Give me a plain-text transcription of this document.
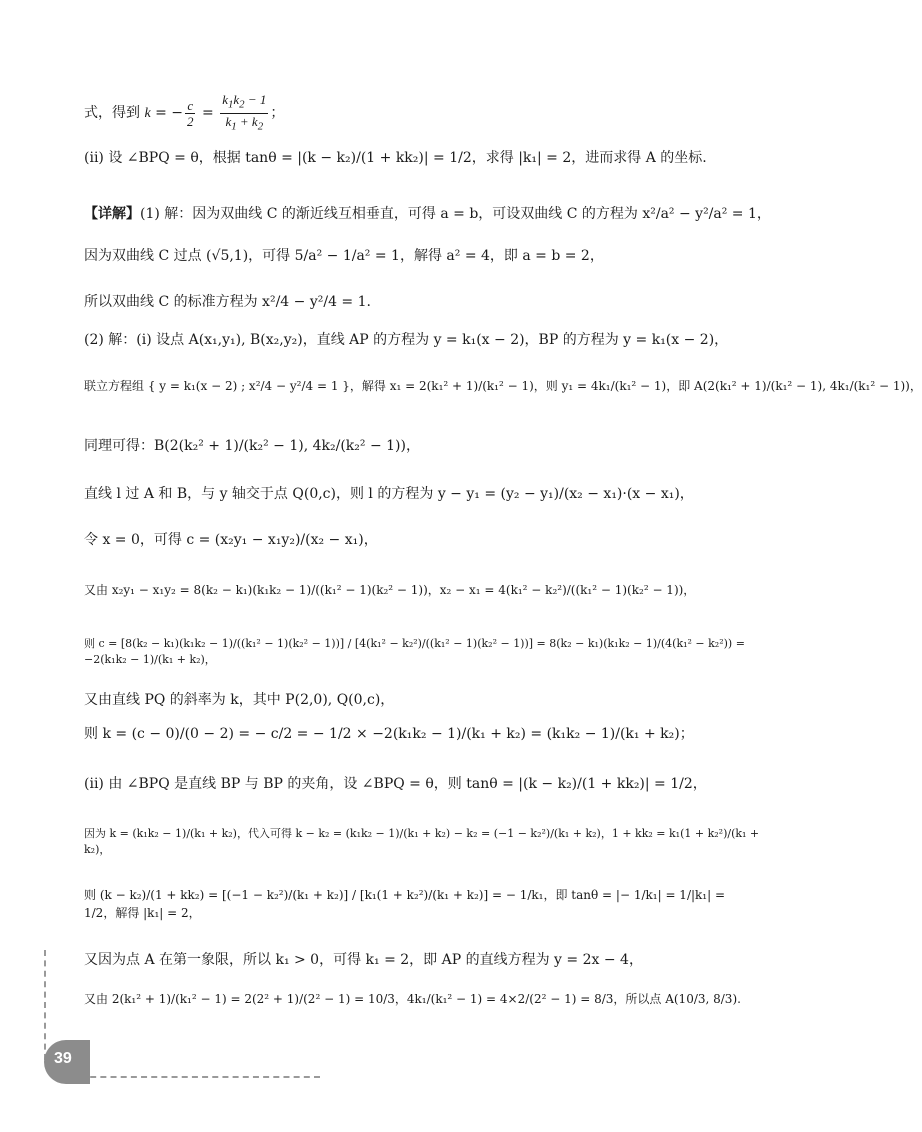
式，得到 k = − $\frac{c}{2} = \frac{k_1k_2 - 1}{k_1 + k_2}$ ；
(ii) 设 ∠BPQ = θ，根据 tanθ = |(k − k₂)/(1 + kk₂)| = 1/2，求得 |k₁| = 2，进而求得 A 的坐标.
【详解】(1) 解：因为双曲线 C 的渐近线互相垂直，可得 a = b，可设双曲线 C 的方程为 x²/a² − y²/a² = 1，
因为双曲线 C 过点 (√5,1)，可得 5/a² − 1/a² = 1，解得 a² = 4，即 a = b = 2，
所以双曲线 C 的标准方程为 x²/4 − y²/4 = 1.
(2) 解：(i) 设点 A(x₁,y₁), B(x₂,y₂)，直线 AP 的方程为 y = k₁(x − 2)，BP 的方程为 y = k₁(x − 2)，
联立方程组 { y = k₁(x − 2) ; x²/4 − y²/4 = 1 }，解得 x₁ = 2(k₁² + 1)/(k₁² − 1)，则 y₁ = 4k₁/(k₁² − 1)，即 A(2(k₁² + 1)/(k₁² − 1), 4k₁/(k₁² − 1))，
同理可得：B(2(k₂² + 1)/(k₂² − 1), 4k₂/(k₂² − 1))，
直线 l 过 A 和 B，与 y 轴交于点 Q(0,c)，则 l 的方程为 y − y₁ = (y₂ − y₁)/(x₂ − x₁)·(x − x₁)，
令 x = 0，可得 c = (x₂y₁ − x₁y₂)/(x₂ − x₁)，
又由 x₂y₁ − x₁y₂ = 8(k₂ − k₁)(k₁k₂ − 1)/((k₁² − 1)(k₂² − 1))，x₂ − x₁ = 4(k₁² − k₂²)/((k₁² − 1)(k₂² − 1))，
则 c = [8(k₂ − k₁)(k₁k₂ − 1)/((k₁² − 1)(k₂² − 1))] / [4(k₁² − k₂²)/((k₁² − 1)(k₂² − 1))] = 8(k₂ − k₁)(k₁k₂ − 1)/(4(k₁² − k₂²)) = −2(k₁k₂ − 1)/(k₁ + k₂)，
又由直线 PQ 的斜率为 k，其中 P(2,0), Q(0,c)，
则 k = (c − 0)/(0 − 2) = − c/2 = − 1/2 × −2(k₁k₂ − 1)/(k₁ + k₂) = (k₁k₂ − 1)/(k₁ + k₂)；
(ii) 由 ∠BPQ 是直线 BP 与 BP 的夹角，设 ∠BPQ = θ，则 tanθ = |(k − k₂)/(1 + kk₂)| = 1/2，
因为 k = (k₁k₂ − 1)/(k₁ + k₂)，代入可得 k − k₂ = (k₁k₂ − 1)/(k₁ + k₂) − k₂ = (−1 − k₂²)/(k₁ + k₂)，1 + kk₂ = k₁(1 + k₂²)/(k₁ + k₂)，
则 (k − k₂)/(1 + kk₂) = [(−1 − k₂²)/(k₁ + k₂)] / [k₁(1 + k₂²)/(k₁ + k₂)] = − 1/k₁，即 tanθ = |− 1/k₁| = 1/|k₁| = 1/2，解得 |k₁| = 2，
又因为点 A 在第一象限，所以 k₁ > 0，可得 k₁ = 2，即 AP 的直线方程为 y = 2x − 4，
又由 2(k₁² + 1)/(k₁² − 1) = 2(2² + 1)/(2² − 1) = 10/3，4k₁/(k₁² − 1) = 4×2/(2² − 1) = 8/3，所以点 A(10/3, 8/3).
39
